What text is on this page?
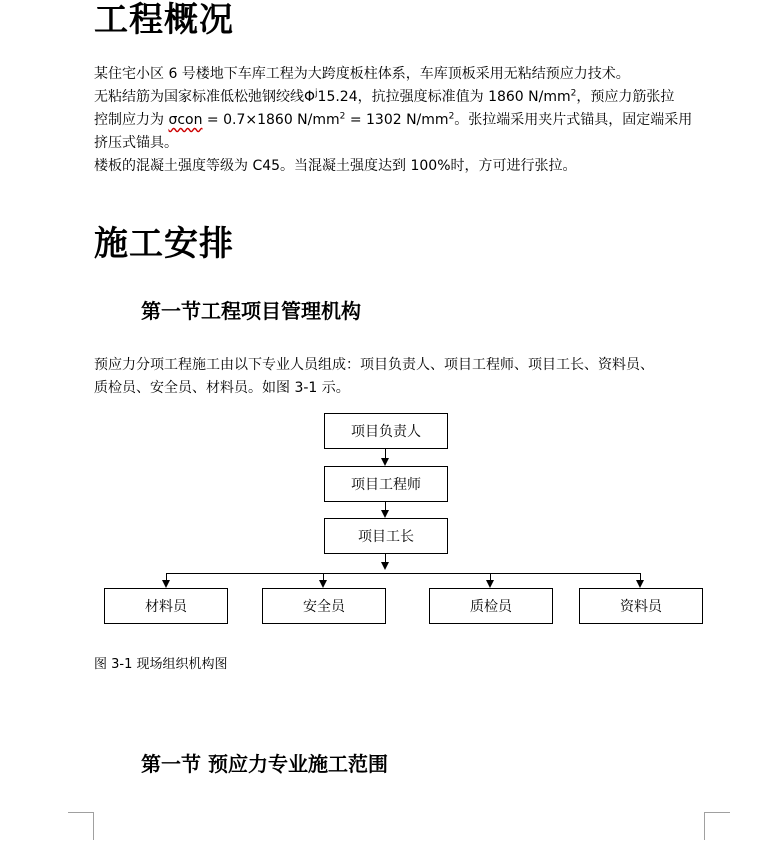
工程概况
某住宅小区 6 号楼地下车库工程为大跨度板柱体系，车库顶板采用无粘结预应力技术。
无粘结筋为国家标准低松弛钢绞线$\Phi^j15.24$，抗拉强度标准值为 1860 $N/mm^2$，预应力筋张拉
控制应力为 σcon = 0.7×1860 $N/mm^2 = 1302$ $N/mm^2$。张拉端采用夹片式锚具，固定端采用
挤压式锚具。
楼板的混凝土强度等级为 C45。当混凝土强度达到 100%时，方可进行张拉。
施工安排
第一节工程项目管理机构
预应力分项工程施工由以下专业人员组成：项目负责人、项目工程师、项目工长、资料员、
质检员、安全员、材料员。如图 3-1 示。
项目负责人
项目工程师
项目工长
材料员	安全员	质检员	资料员
图 3-1 现场组织机构图
第一节 预应力专业施工范围
